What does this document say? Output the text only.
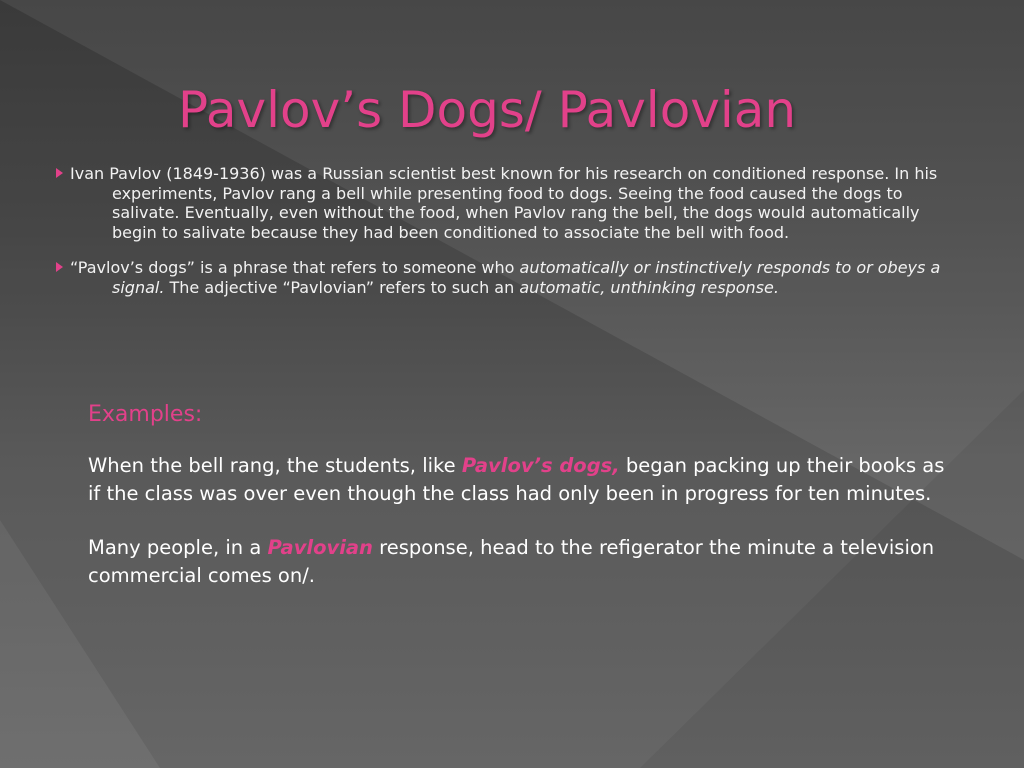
Pavlov’s Dogs/ Pavlovian

Ivan Pavlov (1849-1936) was a Russian scientist best known for his research on conditioned response. In his experiments, Pavlov rang a bell while presenting food to dogs. Seeing the food caused the dogs to salivate. Eventually, even without the food, when Pavlov rang the bell, the dogs would automatically begin to salivate because they had been conditioned to associate the bell with food.

“Pavlov’s dogs” is a phrase that refers to someone who automatically or instinctively responds to or obeys a signal. The adjective “Pavlovian” refers to such an automatic, unthinking response.

Examples:

When the bell rang, the students, like Pavlov’s dogs, began packing up their books as if the class was over even though the class had only been in progress for ten minutes.

Many people, in a Pavlovian response, head to the refigerator the minute a television commercial comes on/.
